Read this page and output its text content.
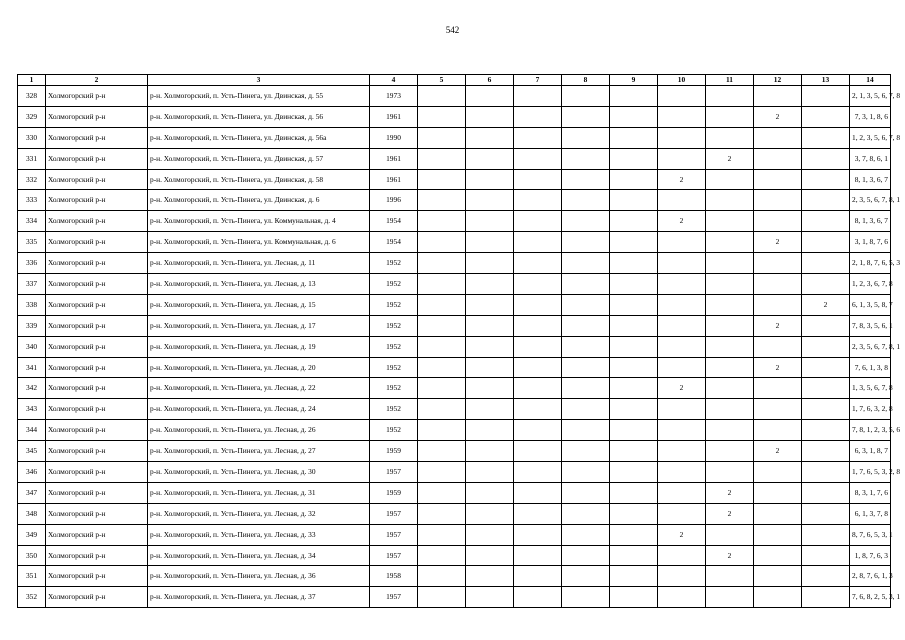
542
1	2	3	4	5	6	7	8	9	10	11	12	13	14
328	Холмогорский р-н	р-н. Холмогорский, п. Усть-Пинега, ул. Двинская, д. 55	1973										2, 1, 3, 5, 6, 7, 8
329	Холмогорский р-н	р-н. Холмогорский, п. Усть-Пинега, ул. Двинская, д. 56	1961								2		7, 3, 1, 8, 6
330	Холмогорский р-н	р-н. Холмогорский, п. Усть-Пинега, ул. Двинская, д. 56а	1990										1, 2, 3, 5, 6, 7, 8
331	Холмогорский р-н	р-н. Холмогорский, п. Усть-Пинега, ул. Двинская, д. 57	1961							2			3, 7, 8, 6, 1
332	Холмогорский р-н	р-н. Холмогорский, п. Усть-Пинега, ул. Двинская, д. 58	1961						2				8, 1, 3, 6, 7
333	Холмогорский р-н	р-н. Холмогорский, п. Усть-Пинега, ул. Двинская, д. 6	1996										2, 3, 5, 6, 7, 8, 1
334	Холмогорский р-н	р-н. Холмогорский, п. Усть-Пинега, ул. Коммунальная, д. 4	1954						2				8, 1, 3, 6, 7
335	Холмогорский р-н	р-н. Холмогорский, п. Усть-Пинега, ул. Коммунальная, д. 6	1954								2		3, 1, 8, 7, 6
336	Холмогорский р-н	р-н. Холмогорский, п. Усть-Пинега, ул. Лесная, д. 11	1952										2, 1, 8, 7, 6, 5, 3
337	Холмогорский р-н	р-н. Холмогорский, п. Усть-Пинега, ул. Лесная, д. 13	1952										1, 2, 3, 6, 7, 8
338	Холмогорский р-н	р-н. Холмогорский, п. Усть-Пинега, ул. Лесная, д. 15	1952									2	6, 1, 3, 5, 8, 7
339	Холмогорский р-н	р-н. Холмогорский, п. Усть-Пинега, ул. Лесная, д. 17	1952								2		7, 8, 3, 5, 6, 1
340	Холмогорский р-н	р-н. Холмогорский, п. Усть-Пинега, ул. Лесная, д. 19	1952										2, 3, 5, 6, 7, 8, 1
341	Холмогорский р-н	р-н. Холмогорский, п. Усть-Пинега, ул. Лесная, д. 20	1952								2		7, 6, 1, 3, 8
342	Холмогорский р-н	р-н. Холмогорский, п. Усть-Пинега, ул. Лесная, д. 22	1952						2				1, 3, 5, 6, 7, 8
343	Холмогорский р-н	р-н. Холмогорский, п. Усть-Пинега, ул. Лесная, д. 24	1952										1, 7, 6, 3, 2, 8
344	Холмогорский р-н	р-н. Холмогорский, п. Усть-Пинега, ул. Лесная, д. 26	1952										7, 8, 1, 2, 3, 5, 6
345	Холмогорский р-н	р-н. Холмогорский, п. Усть-Пинега, ул. Лесная, д. 27	1959								2		6, 3, 1, 8, 7
346	Холмогорский р-н	р-н. Холмогорский, п. Усть-Пинега, ул. Лесная, д. 30	1957										1, 7, 6, 5, 3, 2, 8
347	Холмогорский р-н	р-н. Холмогорский, п. Усть-Пинега, ул. Лесная, д. 31	1959							2			8, 3, 1, 7, 6
348	Холмогорский р-н	р-н. Холмогорский, п. Усть-Пинега, ул. Лесная, д. 32	1957							2			6, 1, 3, 7, 8
349	Холмогорский р-н	р-н. Холмогорский, п. Усть-Пинега, ул. Лесная, д. 33	1957						2				8, 7, 6, 5, 3, 1
350	Холмогорский р-н	р-н. Холмогорский, п. Усть-Пинега, ул. Лесная, д. 34	1957							2			1, 8, 7, 6, 3
351	Холмогорский р-н	р-н. Холмогорский, п. Усть-Пинега, ул. Лесная, д. 36	1958										2, 8, 7, 6, 1, 3
352	Холмогорский р-н	р-н. Холмогорский, п. Усть-Пинега, ул. Лесная, д. 37	1957										7, 6, 8, 2, 5, 3, 1
